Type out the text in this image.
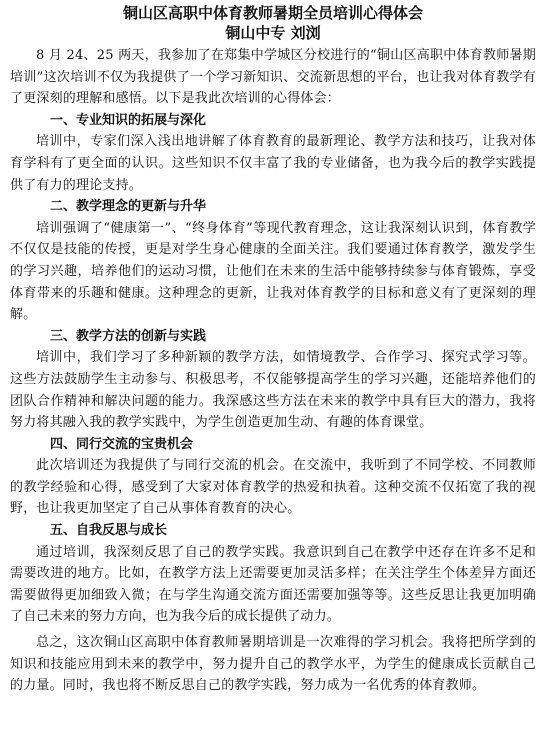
铜山区高职中体育教师暑期全员培训心得体会
铜山中专 刘浏

8 月 24、25 两天，我参加了在郑集中学城区分校进行的“铜山区高职中体育教师暑期培训”这次培训不仅为我提供了一个学习新知识、交流新思想的平台，也让我对体育教学有了更深刻的理解和感悟。以下是我此次培训的心得体会：

一、专业知识的拓展与深化

培训中，专家们深入浅出地讲解了体育教育的最新理论、教学方法和技巧，让我对体育学科有了更全面的认识。这些知识不仅丰富了我的专业储备，也为我今后的教学实践提供了有力的理论支持。

二、教学理念的更新与升华

培训强调了“健康第一”、“终身体育”等现代教育理念，这让我深刻认识到，体育教学不仅仅是技能的传授，更是对学生身心健康的全面关注。我们要通过体育教学，激发学生的学习兴趣，培养他们的运动习惯，让他们在未来的生活中能够持续参与体育锻炼，享受体育带来的乐趣和健康。这种理念的更新，让我对体育教学的目标和意义有了更深刻的理解。

三、教学方法的创新与实践

培训中，我们学习了多种新颖的教学方法，如情境教学、合作学习、探究式学习等。这些方法鼓励学生主动参与、积极思考，不仅能够提高学生的学习兴趣，还能培养他们的团队合作精神和解决问题的能力。我深感这些方法在未来的教学中具有巨大的潜力，我将努力将其融入我的教学实践中，为学生创造更加生动、有趣的体育课堂。

四、同行交流的宝贵机会

此次培训还为我提供了与同行交流的机会。在交流中，我听到了不同学校、不同教师的教学经验和心得，感受到了大家对体育教学的热爱和执着。这种交流不仅拓宽了我的视野，也让我更加坚定了自己从事体育教育的决心。

五、自我反思与成长

通过培训，我深刻反思了自己的教学实践。我意识到自己在教学中还存在许多不足和需要改进的地方。比如，在教学方法上还需要更加灵活多样；在关注学生个体差异方面还需要做得更加细致入微；在与学生沟通交流方面还需要加强等等。这些反思让我更加明确了自己未来的努力方向，也为我今后的成长提供了动力。

总之，这次铜山区高职中体育教师暑期培训是一次难得的学习机会。我将把所学到的知识和技能应用到未来的教学中，努力提升自己的教学水平，为学生的健康成长贡献自己的力量。同时，我也将不断反思自己的教学实践，努力成为一名优秀的体育教师。
